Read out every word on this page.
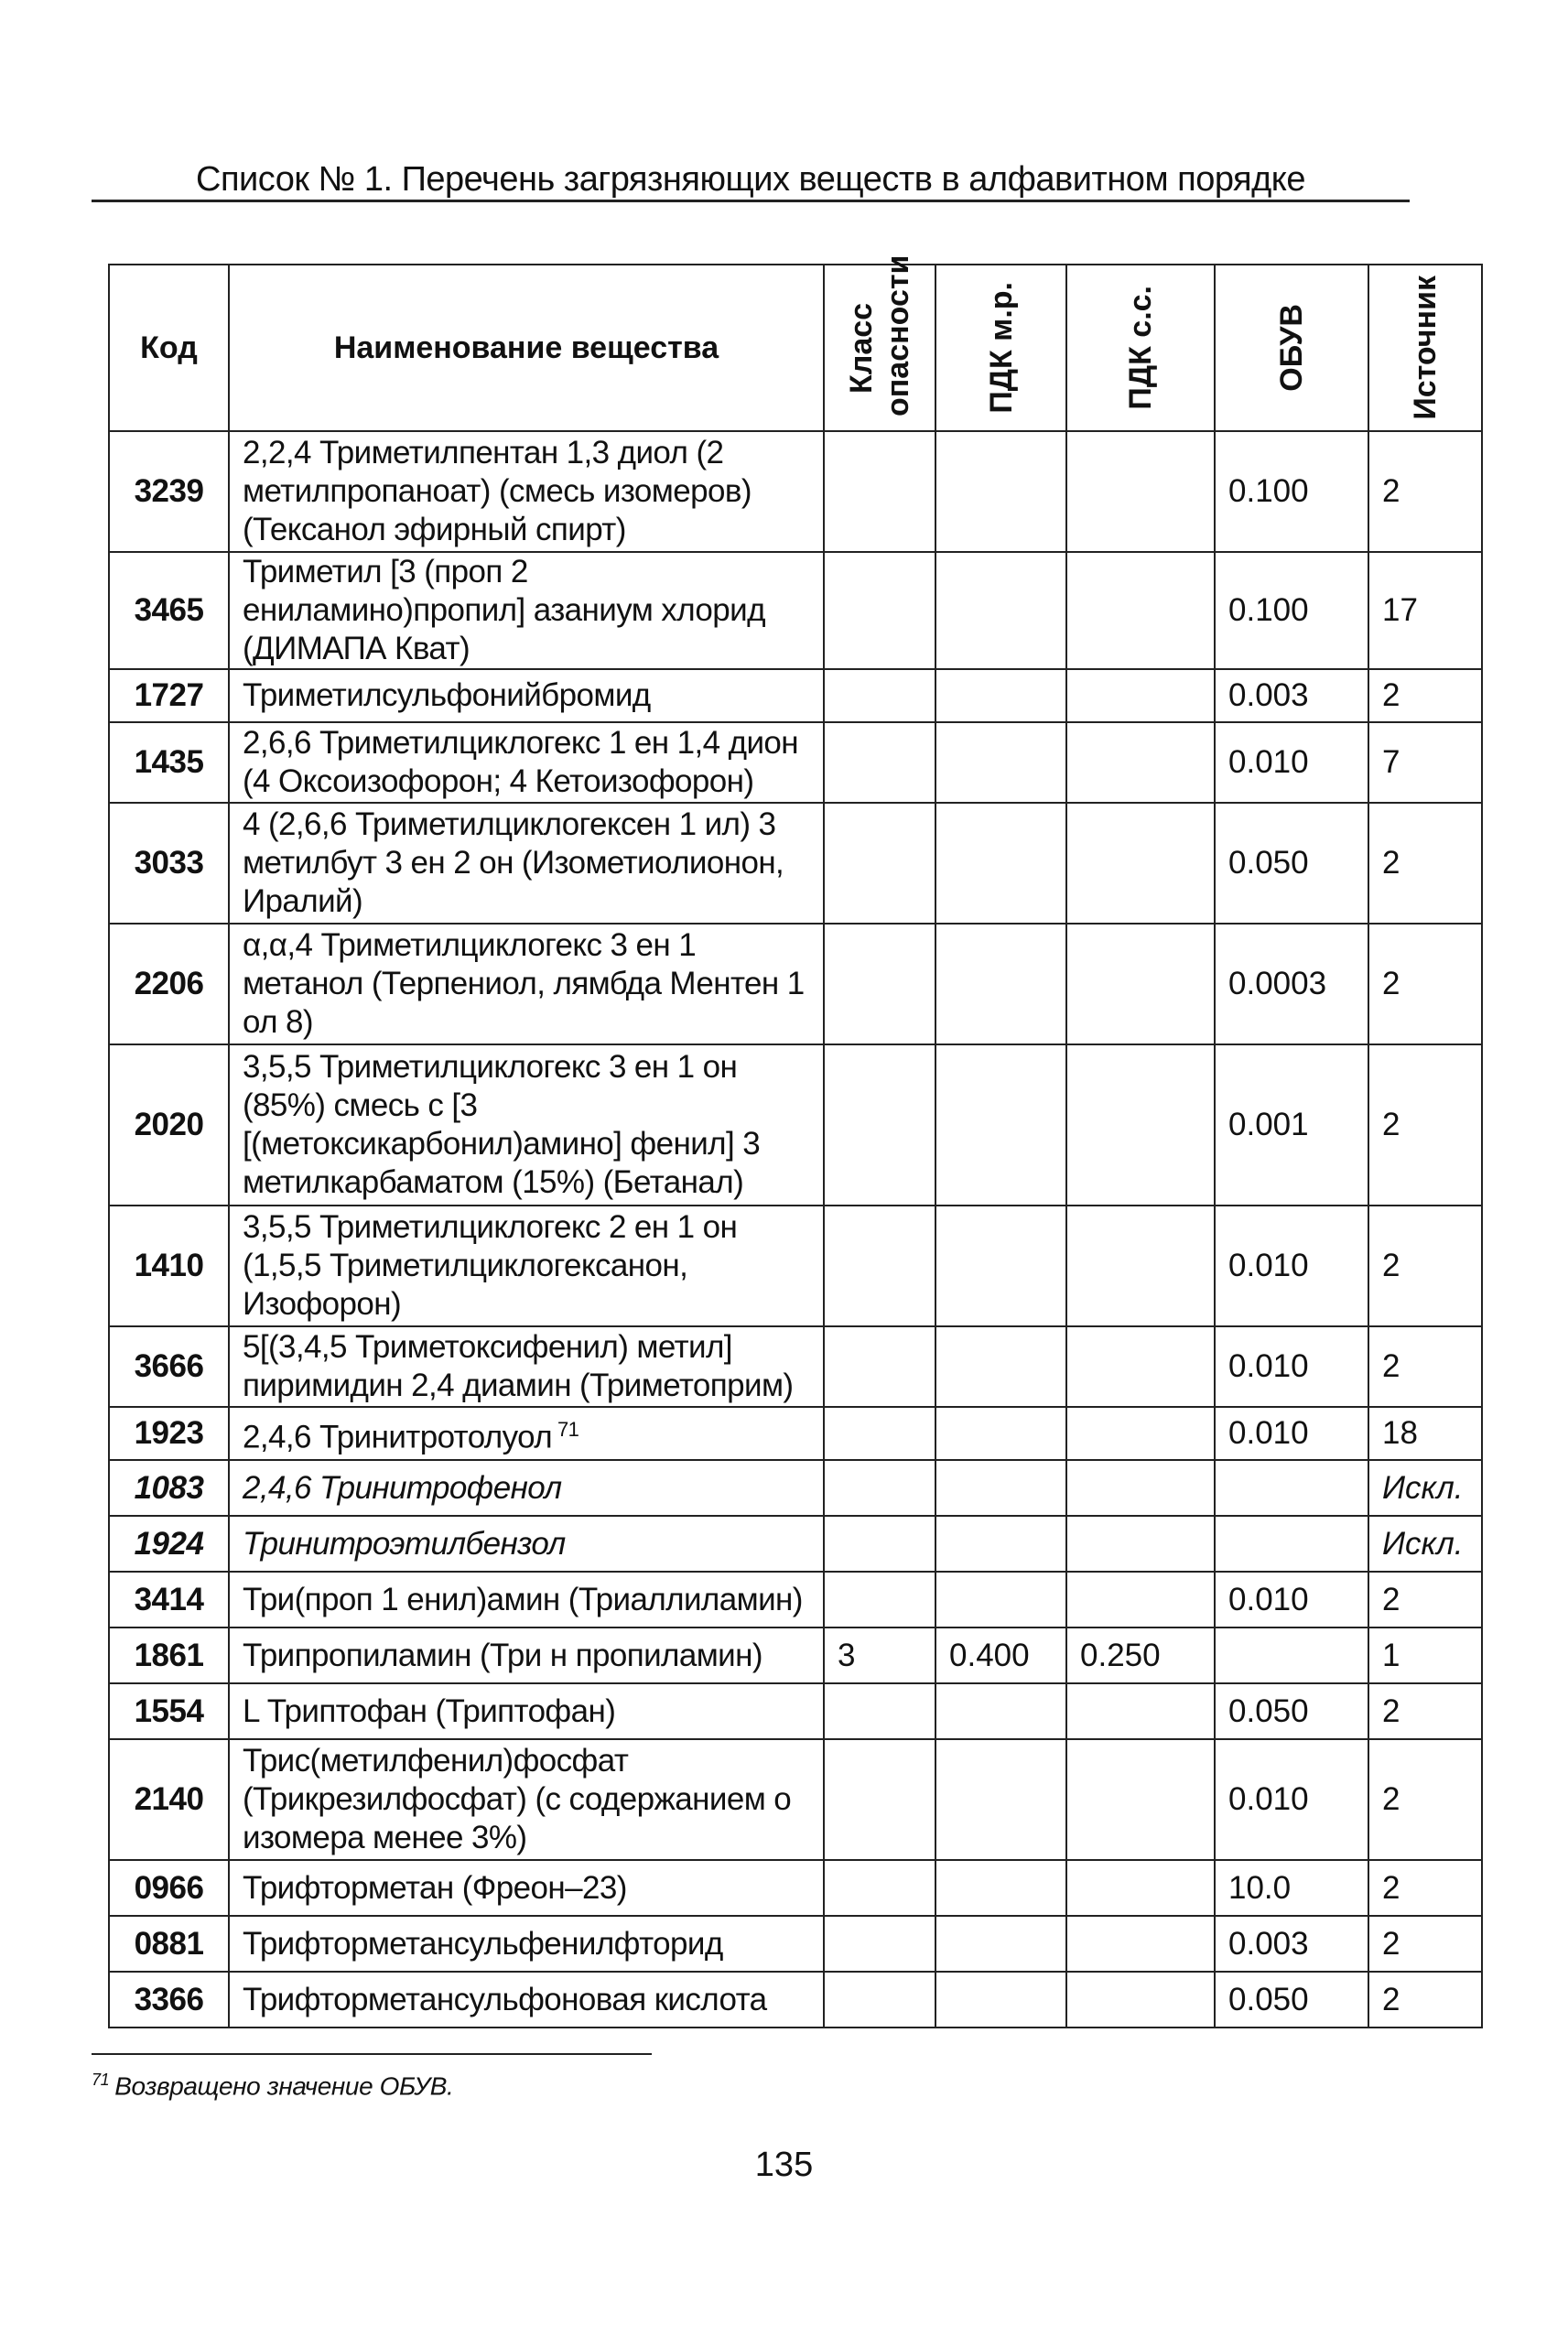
Список № 1. Перечень загрязняющих веществ в алфавитном порядке
Код	Наименование вещества	Класс опасности	ПДК м.р.	ПДК с.с.	ОБУВ	Источник

3239	2,2,4 Триметилпентан 1,3 диол (2 метилпропаноат) (смесь изомеров) (Тексанол эфирный спирт)				0.100	2
3465	Триметил [3 (проп 2 eниламино)пропил] азаниум хлорид (ДИМАПА Кват)				0.100	17
1727	Триметилсульфонийбромид				0.003	2
1435	2,6,6 Триметилциклогекс 1 ен 1,4 дион (4 Оксоизофорон; 4 Кетоизофорон)				0.010	7
3033	4 (2,6,6 Триметилциклогексен 1 ил) 3 метилбут 3 ен 2 он (Изометиолионон, Иралий)				0.050	2
2206	α,α,4 Триметилциклогекс 3 ен 1 метанол (Терпениол, лямбда Ментен 1 ол 8)				0.0003	2
2020	3,5,5 Триметилциклогекс 3 ен 1 он (85%) смесь с [3 [(метоксикарбонил)амино] фенил] 3 метилкарбаматом (15%) (Бетанал)				0.001	2
1410	3,5,5 Триметилциклогекс 2 ен 1 он (1,5,5 Триметилциклогексанон, Изофорон)				0.010	2
3666	5[(3,4,5 Триметоксифенил) метил] пиримидин 2,4 диамин (Триметоприм)				0.010	2
1923	2,4,6 Тринитротолуол $^{71}$				0.010	18
1083	2,4,6 Тринитрофенол					Искл.
1924	Тринитроэтилбензол					Искл.
3414	Три(проп 1 енил)амин (Триаллиламин)				0.010	2
1861	Трипропиламин (Три н пропиламин)	3	0.400	0.250		1
1554	L Триптофан (Триптофан)				0.050	2
2140	Трис(метилфенил)фосфат (Трикрезилфосфат) (с содержанием о изомера менее 3%)				0.010	2
0966	Трифторметан (Фреон–23)				10.0	2
0881	Трифторметансульфенилфторид				0.003	2
3366	Трифторметансульфоновая кислота				0.050	2
$^{71}$ Возвращено значение ОБУВ.
135
